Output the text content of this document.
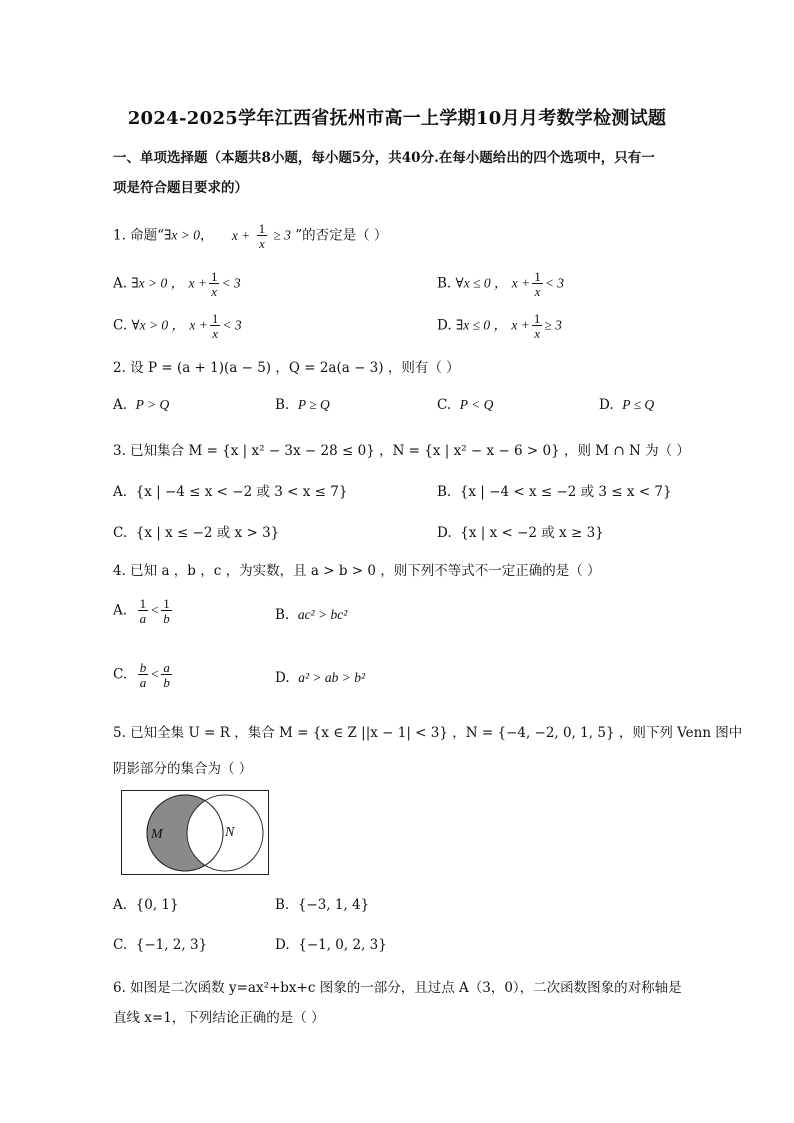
2024-2025学年江西省抚州市高一上学期10月月考数学检测试题
一、单项选择题（本题共8小题，每小题5分，共40分.在每小题给出的四个选项中，只有一
项是符合题目要求的）
1. 命题“∃x > 0， $x + \frac{1}{x} \ge 3$ ”的否定是（ ）
A. ∃x > 0 ， $x + \frac{1}{x} < 3$	B. ∀x ≤ 0 ， $x + \frac{1}{x} < 3$
C. ∀x > 0 ， $x + \frac{1}{x} < 3$	D. ∃x ≤ 0 ， $x + \frac{1}{x} \ge 3$
2. 设 P = (a + 1)(a − 5) ，Q = 2a(a − 3) ，则有（ ）
A. P > Q	B. P ≥ Q	C. P < Q	D. P ≤ Q
3. 已知集合 M = {x | x² − 3x − 28 ≤ 0} ，N = {x | x² − x − 6 > 0} ，则 M ∩ N 为（ ）
A. {x | −4 ≤ x < −2 或 3 < x ≤ 7}	B. {x | −4 < x ≤ −2 或 3 ≤ x < 7}
C. {x | x ≤ −2 或 x > 3}	D. {x | x < −2 或 x ≥ 3}
4. 已知 a ，b ，c ，为实数，且 a > b > 0 ，则下列不等式不一定正确的是（ ）
A. $\frac{1}{a} < \frac{1}{b}$	B. ac² > bc²
C. $\frac{b}{a} < \frac{a}{b}$	D. a² > ab > b²
5. 已知全集 U = R ，集合 M = {x ∈ Z ||x − 1| < 3} ，N = {−4, −2, 0, 1, 5} ，则下列 Venn 图中
阴影部分的集合为（ ）
M	N
A. {0, 1}	B. {−3, 1, 4}
C. {−1, 2, 3}	D. {−1, 0, 2, 3}
6. 如图是二次函数 y=ax²+bx+c 图象的一部分，且过点 A（3，0），二次函数图象的对称轴是
直线 x=1，下列结论正确的是（ ）
